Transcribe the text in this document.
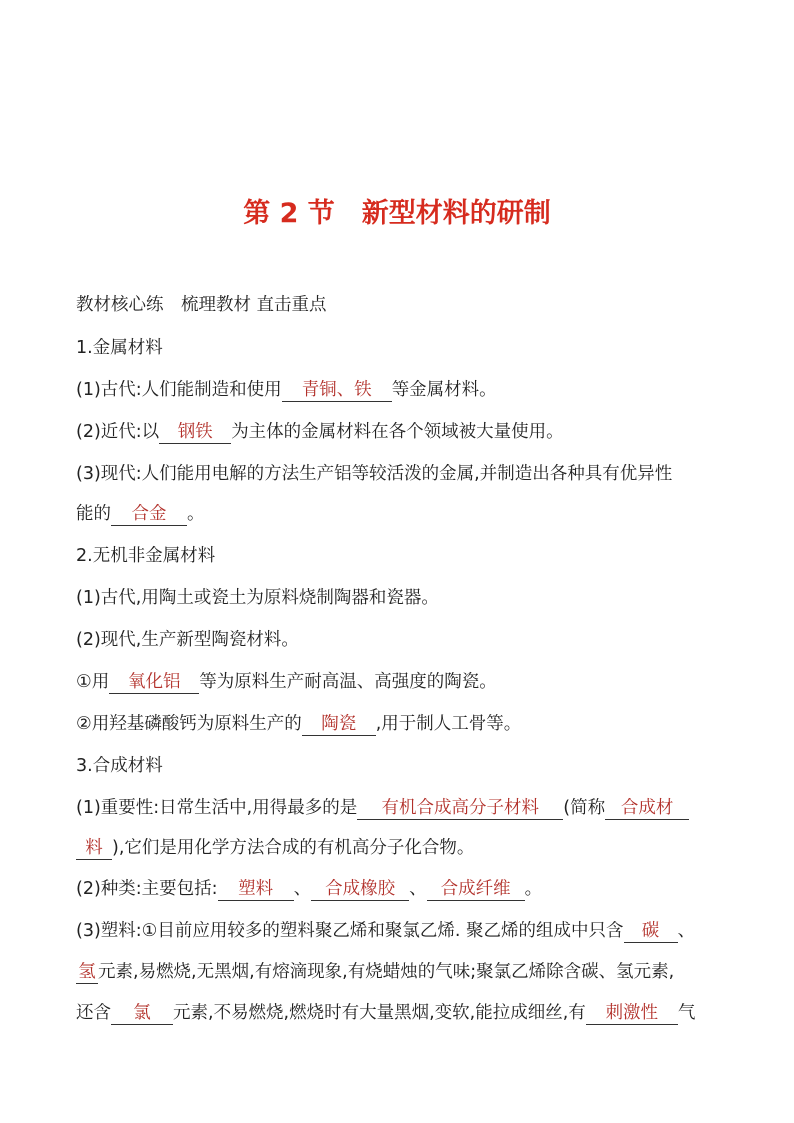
第 2 节　新型材料的研制
教材核心练　梳理教材 直击重点
1.金属材料
(1)古代:人们能制造和使用 青铜、铁 等金属材料。
(2)近代:以 钢铁 为主体的金属材料在各个领域被大量使用。
(3)现代:人们能用电解的方法生产铝等较活泼的金属,并制造出各种具有优异性
能的 合金 。
2.无机非金属材料
(1)古代,用陶土或瓷土为原料烧制陶器和瓷器。
(2)现代,生产新型陶瓷材料。
①用 氧化铝 等为原料生产耐高温、高强度的陶瓷。
②用羟基磷酸钙为原料生产的 陶瓷 ,用于制人工骨等。
3.合成材料
(1)重要性:日常生活中,用得最多的是 有机合成高分子材料 (简称 合成材
料 ),它们是用化学方法合成的有机高分子化合物。
(2)种类:主要包括: 塑料 、 合成橡胶 、 合成纤维 。
(3)塑料:①目前应用较多的塑料聚乙烯和聚氯乙烯. 聚乙烯的组成中只含 碳 、
氢 元素,易燃烧,无黑烟,有熔滴现象,有烧蜡烛的气味;聚氯乙烯除含碳、氢元素,
还含 氯 元素,不易燃烧,燃烧时有大量黑烟,变软,能拉成细丝,有 刺激性 气
